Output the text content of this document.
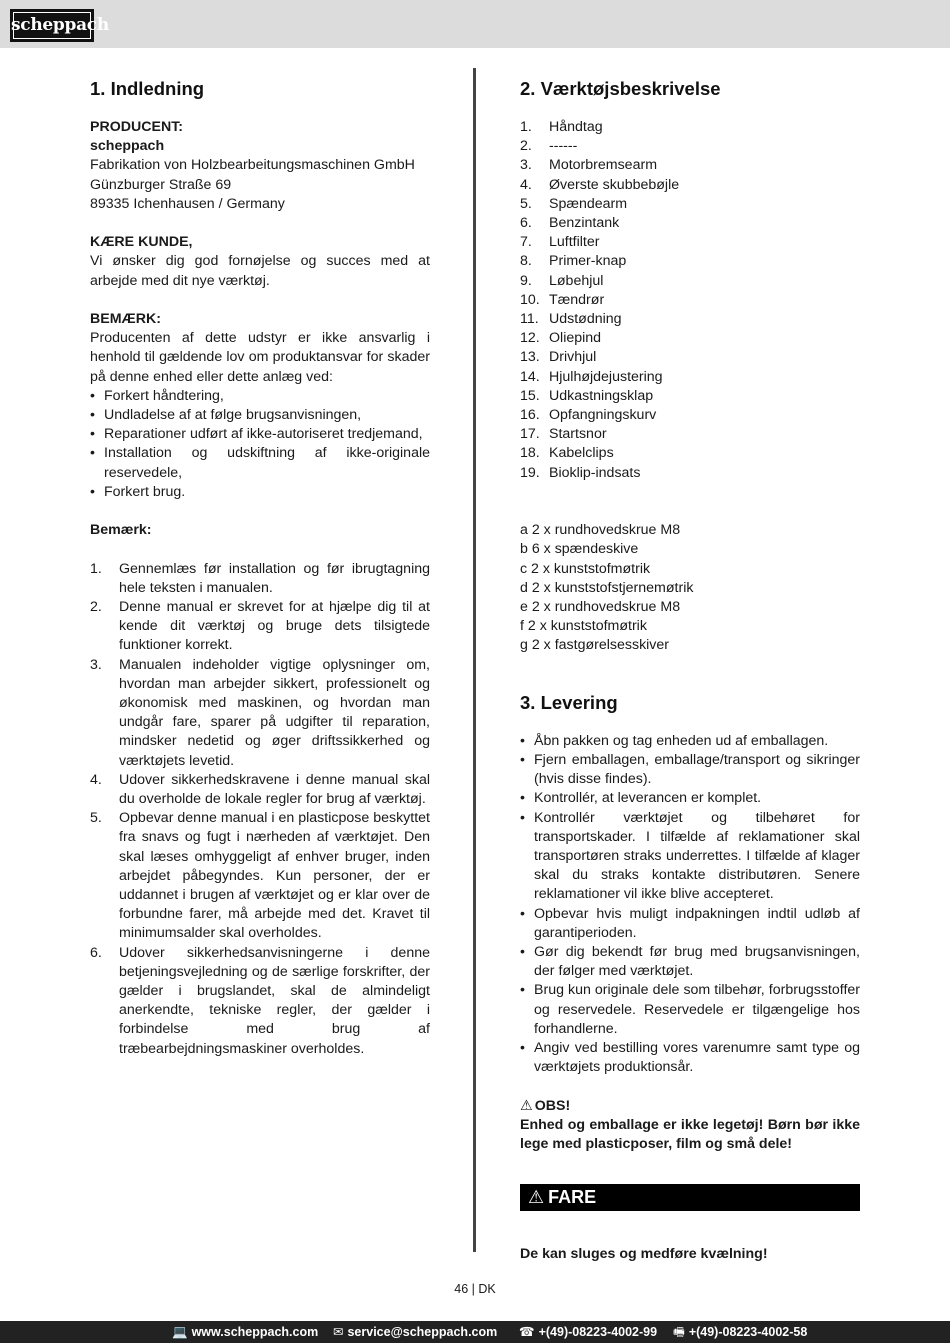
scheppach
1. Indledning
PRODUCENT:
scheppach
Fabrikation von Holzbearbeitungsmaschinen GmbH
Günzburger Straße 69
89335 Ichenhausen / Germany
KÆRE KUNDE,

Vi ønsker dig god fornøjelse og succes med at arbejde med dit nye værktøj.

BEMÆRK:

Producenten af dette udstyr er ikke ansvarlig i henhold til gældende lov om produktansvar for skader på denne enhed eller dette anlæg ved:

• Forkert håndtering,
• Undladelse af at følge brugsanvisningen,
• Reparationer udført af ikke-autoriseret tredjemand,
• Installation og udskiftning af ikke-originale reservedele,
• Forkert brug.
Bemærk:
1.	Gennemlæs før installation og før ibrugtagning hele teksten i manualen.
2.	Denne manual er skrevet for at hjælpe dig til at kende dit værktøj og bruge dets tilsigtede funktioner korrekt.
3.	Manualen indeholder vigtige oplysninger om, hvordan man arbejder sikkert, professionelt og økonomisk med maskinen, og hvordan man undgår fare, sparer på udgifter til reparation, mindsker nedetid og øger driftssikkerhed og værktøjets levetid.
4.	Udover sikkerhedskravene i denne manual skal du overholde de lokale regler for brug af værktøj.
5.	Opbevar denne manual i en plasticpose beskyttet fra snavs og fugt i nærheden af værktøjet. Den skal læses omhyggeligt af enhver bruger, inden arbejdet påbegyndes. Kun personer, der er uddannet i brugen af værktøjet og er klar over de forbundne farer, må arbejde med det. Kravet til minimumsalder skal overholdes.
6.	Udover sikkerhedsanvisningerne i denne betjeningsvejledning og de særlige forskrifter, der gælder i brugslandet, skal de almindeligt anerkendte, tekniske regler, der gælder i forbindelse med brug af træbearbejdningsmaskiner overholdes.
2. Værktøjsbeskrivelse
1.	Håndtag
2.	------
3.	Motorbremsearm
4.	Øverste skubbebøjle
5.	Spændearm
6.	Benzintank
7.	Luftfilter
8.	Primer-knap
9.	Løbehjul
10. Tændrør
11. Udstødning
12. Oliepind
13. Drivhjul
14. Hjulhøjdejustering
15. Udkastningsklap
16. Opfangningskurv
17. Startsnor
18. Kabelclips
19. Bioklip-indsats
a 2 x rundhovedskrue M8
b 6 x spændeskive
c 2 x kunststofmøtrik
d 2 x kunststofstjernemøtrik
e 2 x rundhovedskrue M8
f 2 x kunststofmøtrik
g 2 x fastgørelsesskiver
3. Levering
• Åbn pakken og tag enheden ud af emballagen.
• Fjern emballagen, emballage/transport og sikringer (hvis disse findes).
• Kontrollér, at leverancen er komplet.
• Kontrollér værktøjet og tilbehøret for transportskader. I tilfælde af reklamationer skal transportøren straks underrettes. I tilfælde af klager skal du straks kontakte distributøren. Senere reklamationer vil ikke blive accepteret.
• Opbevar hvis muligt indpakningen indtil udløb af garantiperioden.
• Gør dig bekendt før brug med brugsanvisningen, der følger med værktøjet.
• Brug kun originale dele som tilbehør, forbrugsstoffer og reservedele. Reservedele er tilgængelige hos forhandlerne.
• Angiv ved bestilling vores varenumre samt type og værktøjets produktionsår.
⚠ OBS!

Enhed og emballage er ikke legetøj! Børn bør ikke lege med plasticposer, film og små dele!

⚠ FARE

De kan sluges og medføre kvælning!

46 | DK
💻 www.scheppach.com ✉ service@scheppach.com ☎ +(49)-08223-4002-99 🖷 +(49)-08223-4002-58
